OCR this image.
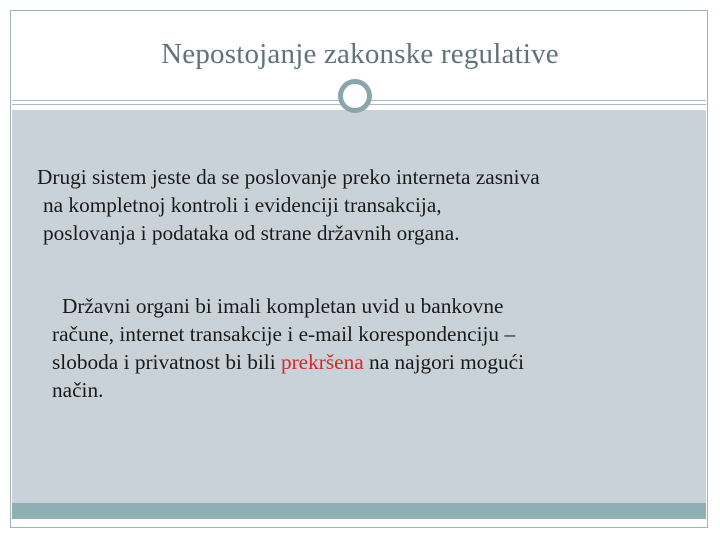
Nepostojanje zakonske regulative
Drugi sistem jeste da se poslovanje preko interneta zasniva
na kompletnoj kontroli i evidenciji transakcija,
poslovanja i podataka od strane državnih organa.
Državni organi bi imali kompletan uvid u bankovne
račune, internet transakcije i e-mail korespondenciju –
sloboda i privatnost bi bili prekršena na najgori mogući
način.
